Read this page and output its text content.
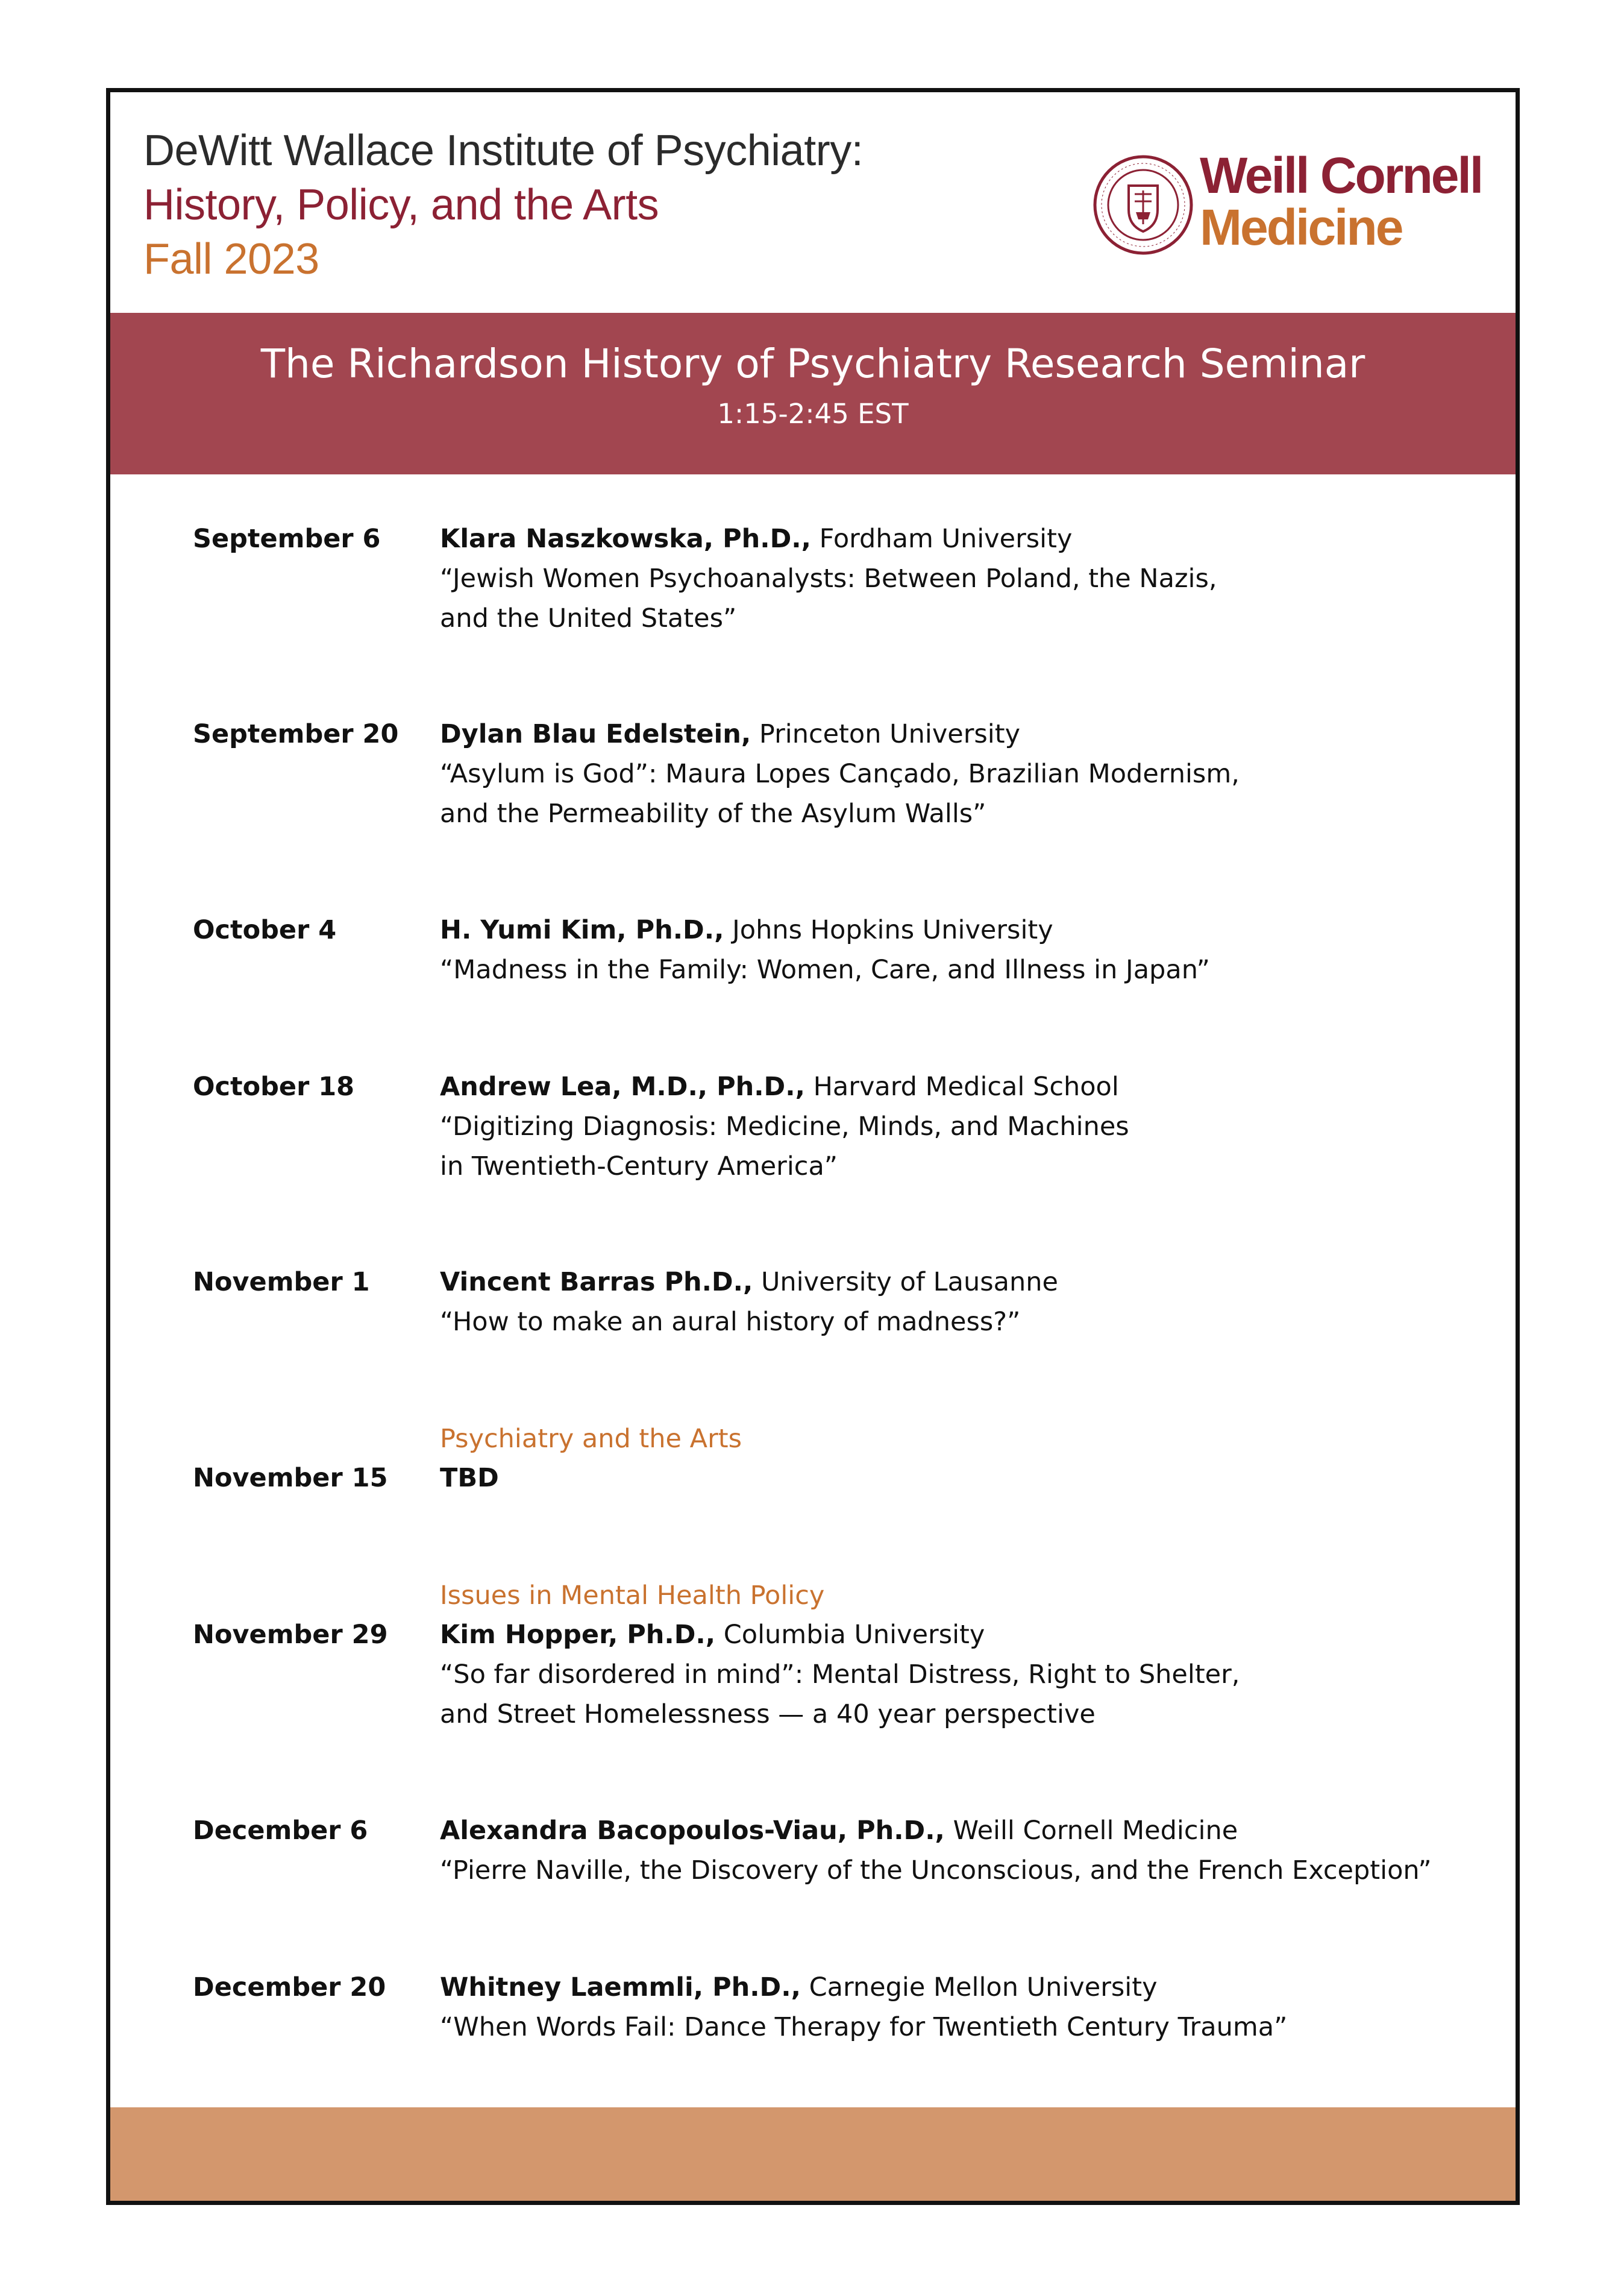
DeWitt Wallace Institute of Psychiatry:
History, Policy, and the Arts
Fall 2023
Weill Cornell
Medicine
The Richardson History of Psychiatry Research Seminar
1:15-2:45 EST
September 6 Klara Naszkowska, Ph.D., Fordham University
“Jewish Women Psychoanalysts: Between Poland, the Nazis,
and the United States”
September 20 Dylan Blau Edelstein, Princeton University
“Asylum is God”: Maura Lopes Cançado, Brazilian Modernism,
and the Permeability of the Asylum Walls”
October 4	H. Yumi Kim, Ph.D., Johns Hopkins University
“Madness in the Family: Women, Care, and Illness in Japan”
October 18	Andrew Lea, M.D., Ph.D., Harvard Medical School
“Digitizing Diagnosis: Medicine, Minds, and Machines
in Twentieth-Century America”
November 1	Vincent Barras Ph.D., University of Lausanne
“How to make an aural history of madness?”
Psychiatry and the Arts
November 15 TBD
Issues in Mental Health Policy
November 29 Kim Hopper, Ph.D., Columbia University
“So far disordered in mind”: Mental Distress, Right to Shelter,
and Street Homelessness — a 40 year perspective
December 6	Alexandra Bacopoulos-Viau, Ph.D., Weill Cornell Medicine
“Pierre Naville, the Discovery of the Unconscious, and the French Exception”
December 20 Whitney Laemmli, Ph.D., Carnegie Mellon University
“When Words Fail: Dance Therapy for Twentieth Century Trauma”
